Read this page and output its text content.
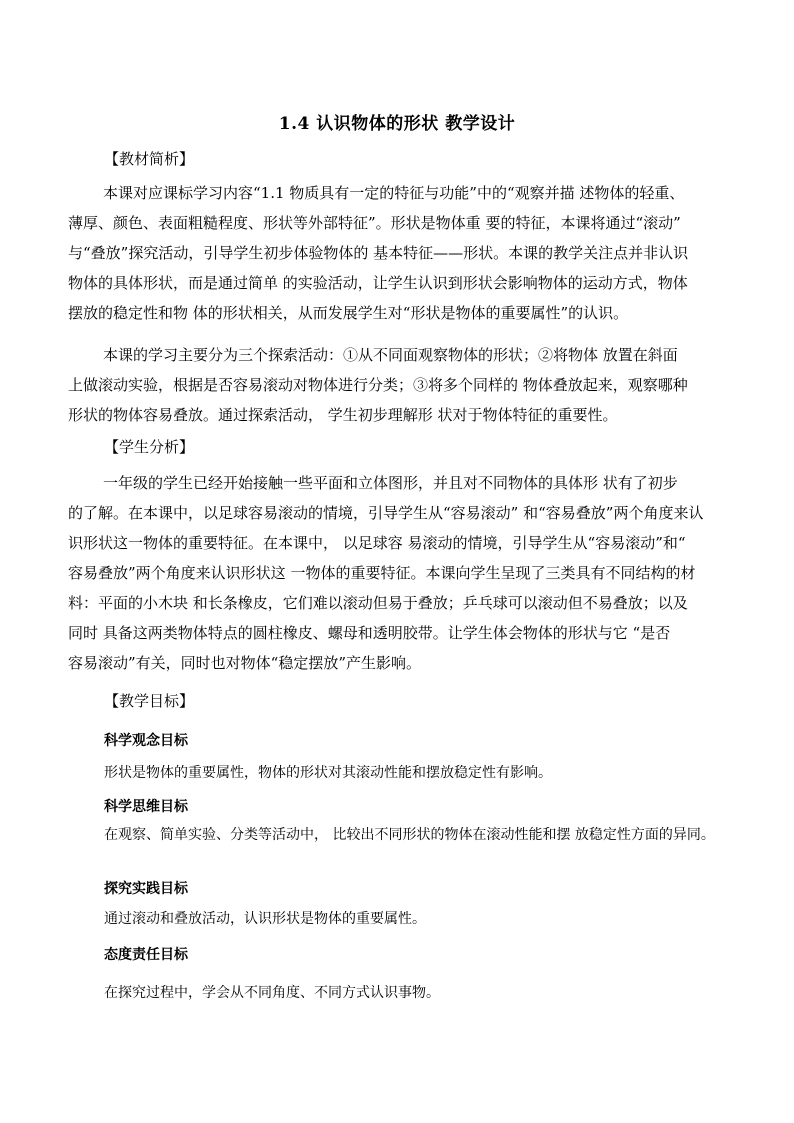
1.4 认识物体的形状 教学设计
【教材简析】
本课对应课标学习内容“1.1 物质具有一定的特征与功能”中的“观察并描 述物体的轻重、
薄厚、颜色、表面粗糙程度、形状等外部特征”。形状是物体重 要的特征，本课将通过“滚动”
与“叠放”探究活动，引导学生初步体验物体的 基本特征——形状。本课的教学关注点并非认识
物体的具体形状，而是通过简单 的实验活动，让学生认识到形状会影响物体的运动方式，物体
摆放的稳定性和物 体的形状相关，从而发展学生对“形状是物体的重要属性”的认识。
本课的学习主要分为三个探索活动：①从不同面观察物体的形状；②将物体 放置在斜面
上做滚动实验，根据是否容易滚动对物体进行分类；③将多个同样的 物体叠放起来，观察哪种
形状的物体容易叠放。通过探索活动， 学生初步理解形 状对于物体特征的重要性。
【学生分析】
一年级的学生已经开始接触一些平面和立体图形，并且对不同物体的具体形 状有了初步
的了解。在本课中，以足球容易滚动的情境，引导学生从“容易滚动” 和“容易叠放”两个角度来认
识形状这一物体的重要特征。在本课中， 以足球容 易滚动的情境，引导学生从“容易滚动”和“
容易叠放”两个角度来认识形状这 一物体的重要特征。本课向学生呈现了三类具有不同结构的材
料：平面的小木块 和长条橡皮，它们难以滚动但易于叠放；乒乓球可以滚动但不易叠放；以及
同时 具备这两类物体特点的圆柱橡皮、螺母和透明胶带。让学生体会物体的形状与它 “是否
容易滚动”有关，同时也对物体“稳定摆放”产生影响。
【教学目标】
科学观念目标
形状是物体的重要属性，物体的形状对其滚动性能和摆放稳定性有影响。
科学思维目标
在观察、简单实验、分类等活动中， 比较出不同形状的物体在滚动性能和摆 放稳定性方面的异同。
探究实践目标
通过滚动和叠放活动，认识形状是物体的重要属性。
态度责任目标
在探究过程中，学会从不同角度、不同方式认识事物。
